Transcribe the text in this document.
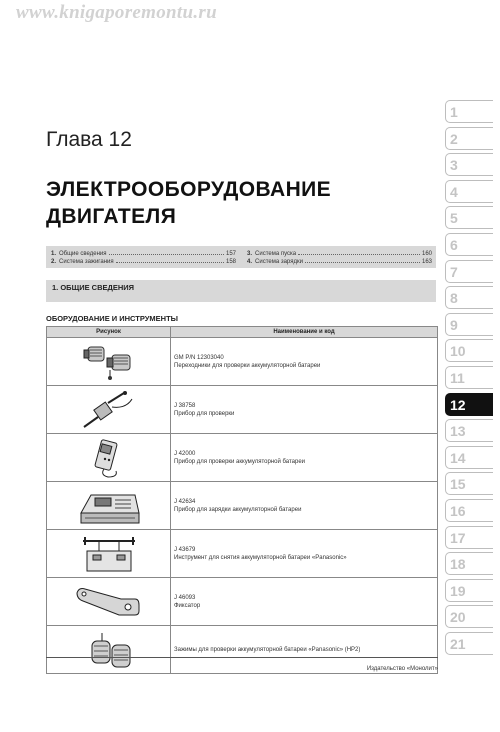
www.knigaporemontu.ru
Глава 12
ЭЛЕКТРООБОРУДОВАНИЕ
ДВИГАТЕЛЯ
1. Общие сведения	157
2. Система зажигания	158
3. Система пуска	160
4. Система зарядки	163
1. ОБЩИЕ СВЕДЕНИЯ
ОБОРУДОВАНИЕ И ИНСТРУМЕНТЫ
Рисунок	Наименование и код

GM P/N 12303040
Переходники для проверки аккумуляторной батареи

J 38758
Прибор для проверки

J 42000
Прибор для проверки аккумуляторной батареи

J 42634
Прибор для зарядки аккумуляторной батареи

J 43679
Инструмент для снятия аккумуляторной батареи «Panasonic»

J 46093
Фиксатор

Зажимы для проверки аккумуляторной батареи «Panasonic» (HP2)
1
2
3
4
5
6
7
8
9
10
11
12
13
14
15
16
17
18
19
20
21
Издательство «Монолит»
